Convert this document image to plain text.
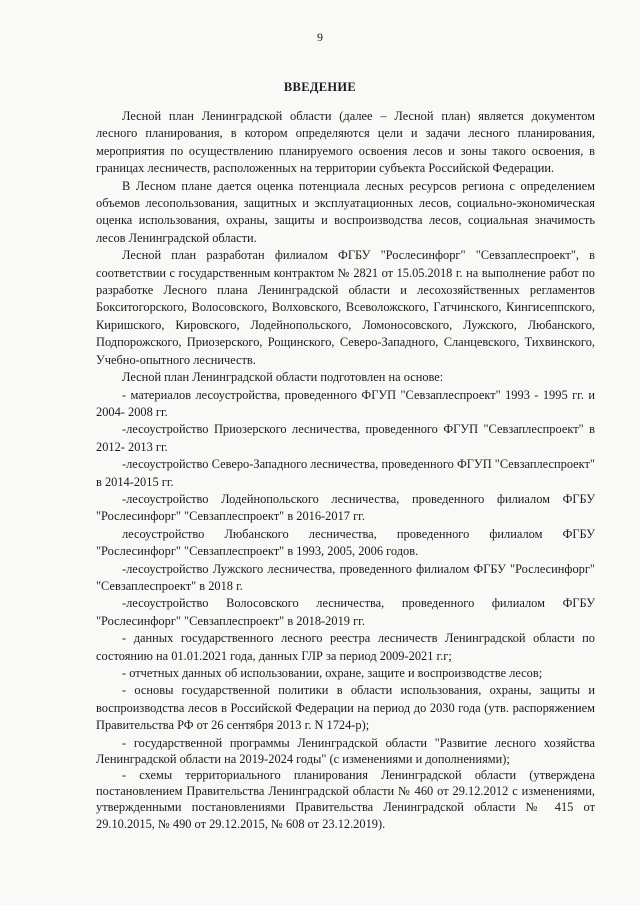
9
ВВЕДЕНИЕ

Лесной план Ленинградской области (далее – Лесной план) является документом лесного планирования, в котором определяются цели и задачи лесного планирования, мероприятия по осуществлению планируемого освоения лесов и зоны такого освоения, в границах лесничеств, расположенных на территории субъекта Российской Федерации.

В Лесном плане дается оценка потенциала лесных ресурсов региона с определением объемов лесопользования, защитных и эксплуатационных лесов, социально-экономическая оценка использования, охраны, защиты и воспроизводства лесов, социальная значимость лесов Ленинградской области.

Лесной план разработан филиалом ФГБУ "Рослесинфорг" "Севзаплеспроект", в соответствии с государственным контрактом № 2821 от 15.05.2018 г. на выполнение работ по разработке Лесного плана Ленинградской области и лесохозяйственных регламентов Бокситогорского, Волосовского, Волховского, Всеволожского, Гатчинского, Кингисеппского, Киришского, Кировского, Лодейнопольского, Ломоносовского, Лужского, Любанского, Подпорожского, Приозерского, Рощинского, Северо-Западного, Сланцевского, Тихвинского, Учебно-опытного лесничеств.

Лесной план Ленинградской области подготовлен на основе:

- материалов лесоустройства, проведенного ФГУП "Севзаплеспроект" 1993 - 1995 гг. и 2004- 2008 гг.

-лесоустройство Приозерского лесничества, проведенного ФГУП "Севзаплеспроект" в 2012- 2013 гг.

-лесоустройство Северо-Западного лесничества, проведенного ФГУП "Севзаплеспроект" в 2014-2015 гг.

-лесоустройство Лодейнопольского лесничества, проведенного филиалом ФГБУ "Рослесинфорг" "Севзаплеспроект" в 2016-2017 гг.

лесоустройство Любанского лесничества, проведенного филиалом ФГБУ "Рослесинфорг" "Севзаплеспроект" в 1993, 2005, 2006 годов.

-лесоустройство Лужского лесничества, проведенного филиалом ФГБУ "Рослесинфорг" "Севзаплеспроект" в 2018 г.

-лесоустройство Волосовского лесничества, проведенного филиалом ФГБУ "Рослесинфорг" "Севзаплеспроект" в 2018-2019 гг.

- данных государственного лесного реестра лесничеств Ленинградской области по состоянию на 01.01.2021 года, данных ГЛР за период 2009-2021 г.г;

- отчетных данных об использовании, охране, защите и воспроизводстве лесов;

- основы государственной политики в области использования, охраны, защиты и воспроизводства лесов в Российской Федерации на период до 2030 года (утв. распоряжением Правительства РФ от 26 сентября 2013 г. N 1724-р);

- государственной программы Ленинградской области "Развитие лесного хозяйства Ленинградской области на 2019-2024 годы" (с изменениями и дополнениями);

- схемы территориального планирования Ленинградской области (утверждена постановлением Правительства Ленинградской области № 460 от 29.12.2012 с изменениями, утвержденными постановлениями Правительства Ленинградской области № 415 от 29.10.2015, № 490 от 29.12.2015, № 608 от 23.12.2019).
